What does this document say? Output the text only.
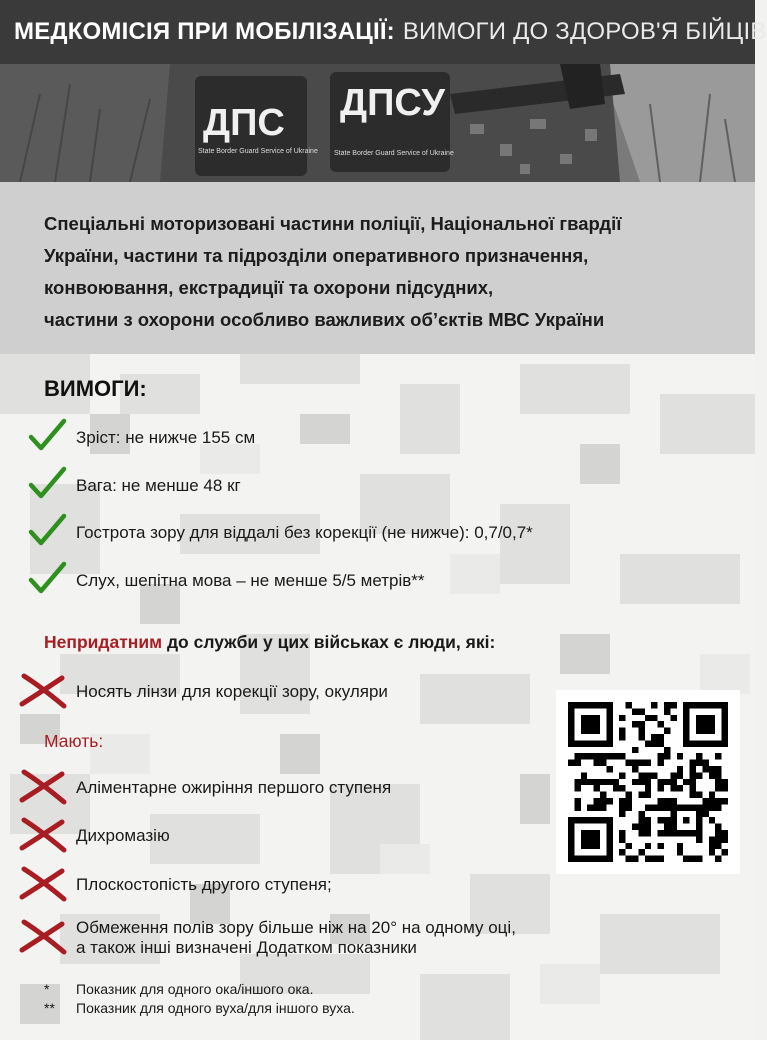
МЕДКОМІСІЯ ПРИ МОБІЛІЗАЦІЇ: ВИМОГИ ДО ЗДОРОВ'Я БІЙЦІВ
ДПС ДПСУ
State Border Guard Service of Ukraine State Border Guard Service of Ukraine
Спеціальні моторизовані частини поліції, Національної гвардії
України, частини та підрозділи оперативного призначення,
конвоювання, екстрадиції та охорони підсудних,
частини з охорони особливо важливих об’єктів МВС України
ВИМОГИ:
Зріст: не нижче 155 см
Вага: не менше 48 кг
Гострота зору для віддалі без корекції (не нижче): 0,7/0,7*
Слух, шепітна мова – не менше 5/5 метрів**
Непридатним до служби у цих військах є люди, які:
Носять лінзи для корекції зору, окуляри
Мають:
Аліментарне ожиріння першого ступеня
Дихромазію
Плоскостопість другого ступеня;
Обмеження полів зору більше ніж на 20° на одному оці,
а також інші визначені Додатком показники
*	Показник для одного ока/іншого ока.
**	Показник для одного вуха/для іншого вуха.
